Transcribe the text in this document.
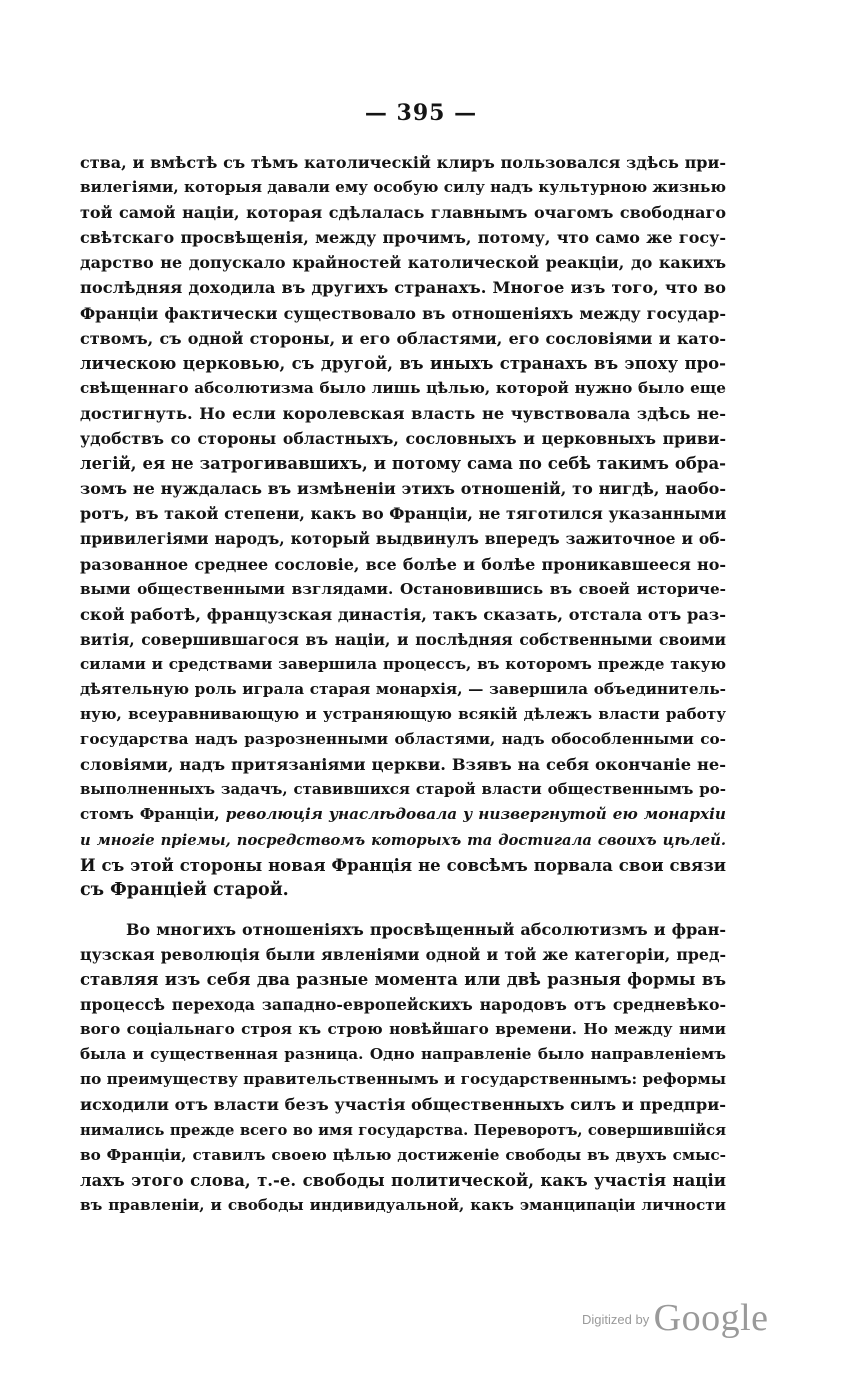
— 395 —
ства, и вмѣстѣ съ тѣмъ католическій клиръ пользовался здѣсь при-
вилегіями, которыя давали ему особую силу надъ культурною жизнью
той самой націи, которая сдѣлалась главнымъ очагомъ свободнаго
свѣтскаго просвѣщенія, между прочимъ, потому, что само же госу-
дарство не допускало крайностей католической реакціи, до какихъ
послѣдняя доходила въ другихъ странахъ. Многое изъ того, что во
Франціи фактически существовало въ отношеніяхъ между государ-
ствомъ, съ одной стороны, и его областями, его сословіями и като-
лическою церковью, съ другой, въ иныхъ странахъ въ эпоху про-
свѣщеннаго абсолютизма было лишь цѣлью, которой нужно было еще
достигнуть. Но если королевская власть не чувствовала здѣсь не-
удобствъ со стороны областныхъ, сословныхъ и церковныхъ приви-
легій, ея не затрогивавшихъ, и потому сама по себѣ такимъ обра-
зомъ не нуждалась въ измѣненіи этихъ отношеній, то нигдѣ, наобо-
ротъ, въ такой степени, какъ во Франціи, не тяготился указанными
привилегіями народъ, который выдвинулъ впередъ зажиточное и об-
разованное среднее сословіе, все болѣе и болѣе проникавшееся но-
выми общественными взглядами. Остановившись въ своей историче-
ской работѣ, французская династія, такъ сказать, отстала отъ раз-
витія, совершившагося въ націи, и послѣдняя собственными своими
силами и средствами завершила процессъ, въ которомъ прежде такую
дѣятельную роль играла старая монархія, — завершила объединитель-
ную, всеуравнивающую и устраняющую всякій дѣлежъ власти работу
государства надъ разрозненными областями, надъ обособленными со-
словіями, надъ притязаніями церкви. Взявъ на себя окончаніе не-
выполненныхъ задачъ, ставившихся старой власти общественнымъ ро-
стомъ Франціи, революція унаслѣдовала у низвергнутой ею монархіи
и многіе пріемы, посредствомъ которыхъ та достигала своихъ цѣлей.
И съ этой стороны новая Франція не совсѣмъ порвала свои связи
съ Франціей старой.
Во многихъ отношеніяхъ просвѣщенный абсолютизмъ и фран-
цузская революція были явленіями одной и той же категоріи, пред-
ставляя изъ себя два разные момента или двѣ разныя формы въ
процессѣ перехода западно-европейскихъ народовъ отъ средневѣко-
вого соціальнаго строя къ строю новѣйшаго времени. Но между ними
была и существенная разница. Одно направленіе было направленіемъ
по преимуществу правительственнымъ и государственнымъ: реформы
исходили отъ власти безъ участія общественныхъ силъ и предпри-
нимались прежде всего во имя государства. Переворотъ, совершившійся
во Франціи, ставилъ своею цѣлью достиженіе свободы въ двухъ смыс-
лахъ этого слова, т.-е. свободы политической, какъ участія націи
въ правленіи, и свободы индивидуальной, какъ эманципаціи личности
$^{Digitized by}$ Google
